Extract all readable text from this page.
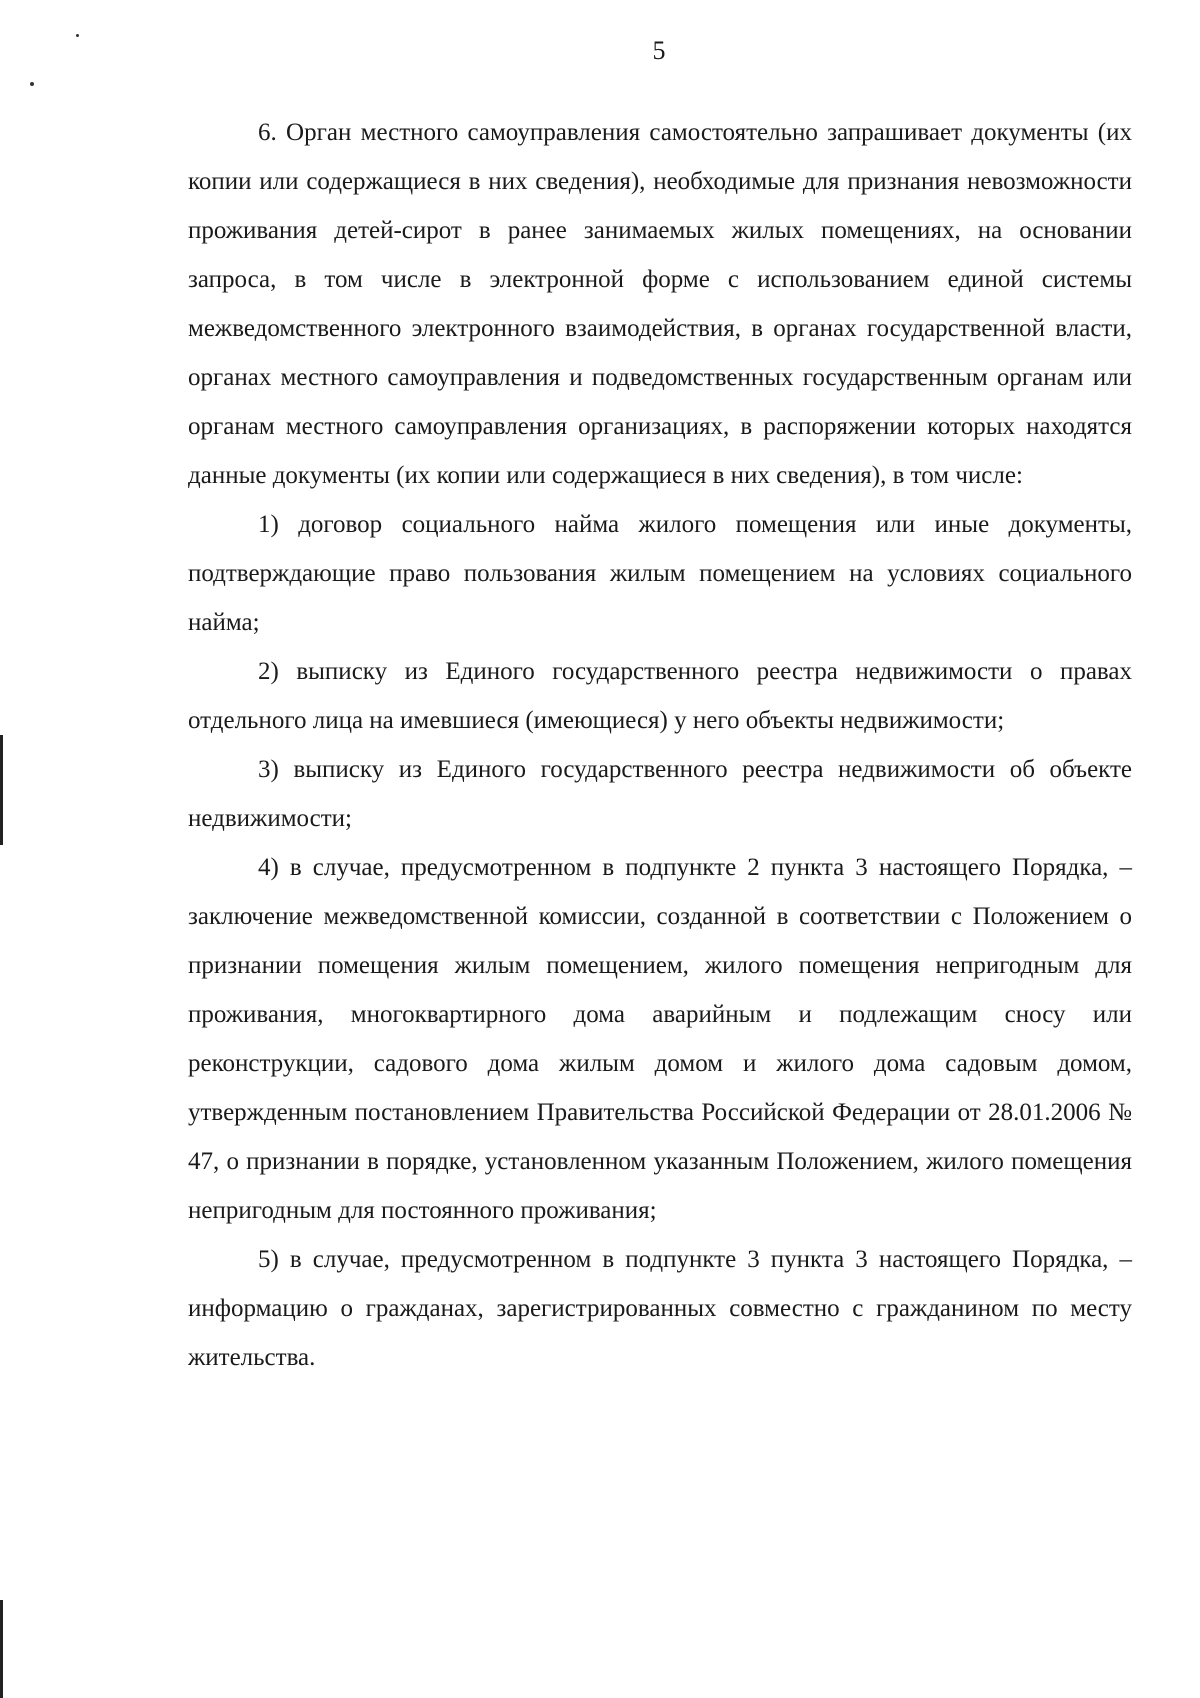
5

6. Орган местного самоуправления самостоятельно запрашивает документы (их копии или содержащиеся в них сведения), необходимые для признания невозможности проживания детей-сирот в ранее занимаемых жилых помещениях, на основании запроса, в том числе в электронной форме с использованием единой системы межведомственного электронного взаимодействия, в органах государственной власти, органах местного самоуправления и подведомственных государственным органам или органам местного самоуправления организациях, в распоряжении которых находятся данные документы (их копии или содержащиеся в них сведения), в том числе:

1) договор социального найма жилого помещения или иные документы, подтверждающие право пользования жилым помещением на условиях социального найма;

2) выписку из Единого государственного реестра недвижимости о правах отдельного лица на имевшиеся (имеющиеся) у него объекты недвижимости;

3) выписку из Единого государственного реестра недвижимости об объекте недвижимости;

4) в случае, предусмотренном в подпункте 2 пункта 3 настоящего Порядка, – заключение межведомственной комиссии, созданной в соответствии с Положением о признании помещения жилым помещением, жилого помещения непригодным для проживания, многоквартирного дома аварийным и подлежащим сносу или реконструкции, садового дома жилым домом и жилого дома садовым домом, утвержденным постановлением Правительства Российской Федерации от 28.01.2006 № 47, о признании в порядке, установленном указанным Положением, жилого помещения непригодным для постоянного проживания;

5) в случае, предусмотренном в подпункте 3 пункта 3 настоящего Порядка, – информацию о гражданах, зарегистрированных совместно с гражданином по месту жительства.
